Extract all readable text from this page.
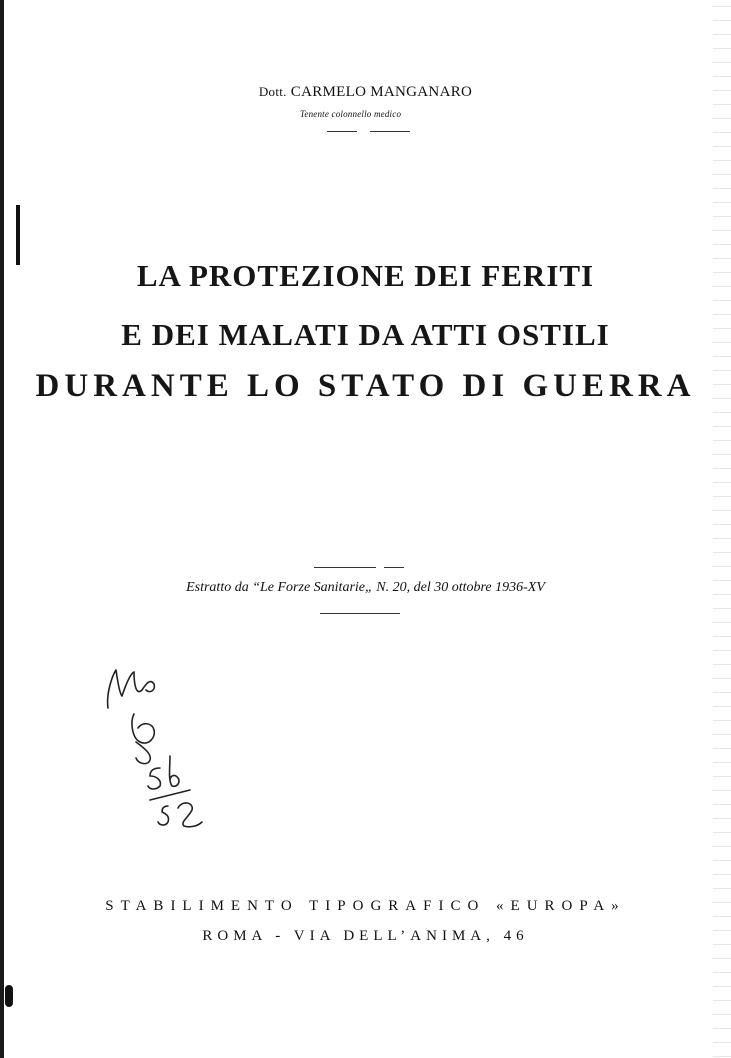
Dott. CARMELO MANGANARO
Tenente colonnello medico
LA PROTEZIONE DEI FERITI
E DEI MALATI DA ATTI OSTILI
DURANTE LO STATO DI GUERRA
Estratto da “Le Forze Sanitarie„ N. 20, del 30 ottobre 1936-XV
STABILIMENTO TIPOGRAFICO «EUROPA»
ROMA - VIA DELL’ANIMA, 46
